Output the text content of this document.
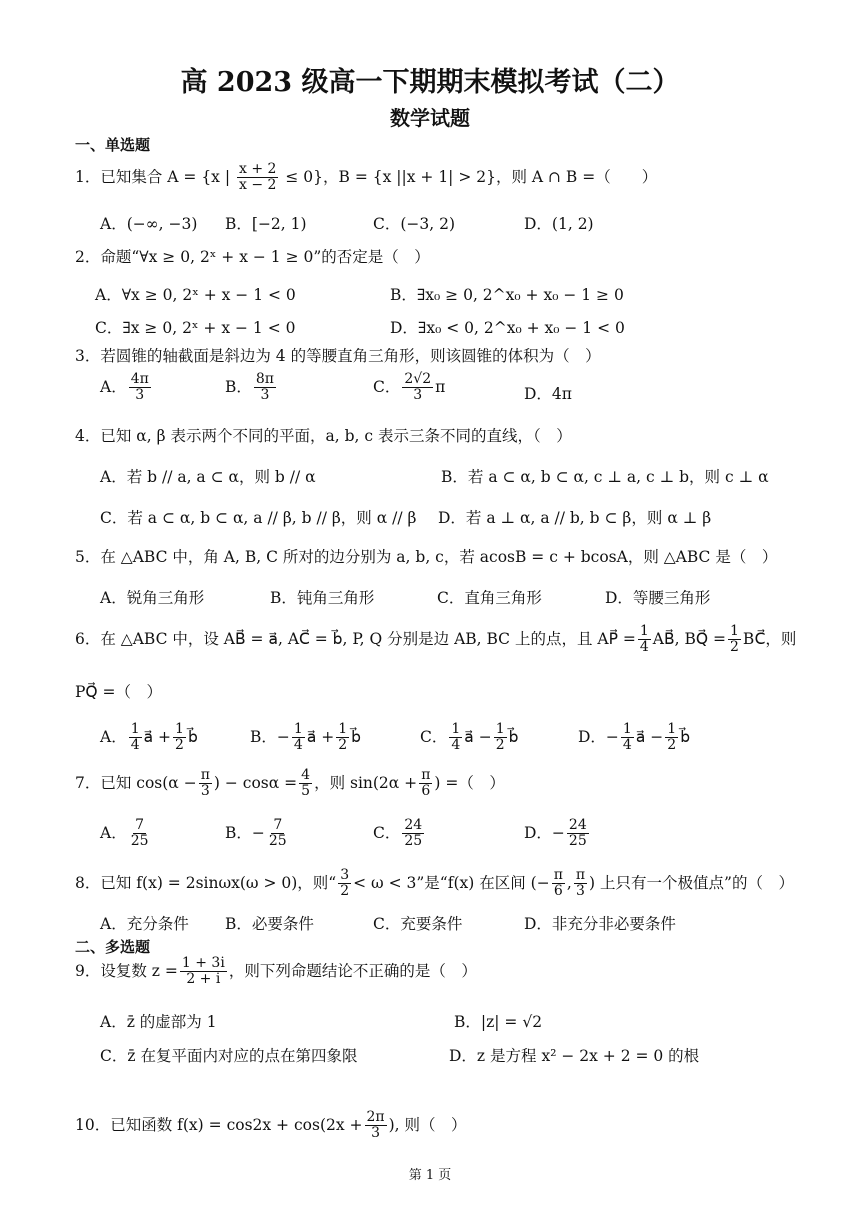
高 2023 级高一下期期末模拟考试（二）
数学试题
一、单选题
1．已知集合 A = {x | $\frac{x + 2}{x - 2} \le 0$}，B = {x ||x + 1| > 2}，则 A ∩ B =（　　）
A．(−∞, −3) B．[−2, 1)	C．(−3, 2)	D．(1, 2)
2．命题“∀x ≥ 0, 2ˣ + x − 1 ≥ 0”的否定是（　）
A．∀x ≥ 0, 2ˣ + x − 1 < 0	B．∃x₀ ≥ 0, 2^x₀ + x₀ − 1 ≥ 0
C．∃x ≥ 0, 2ˣ + x − 1 < 0	D．∃x₀ < 0, 2^x₀ + x₀ − 1 < 0
3．若圆锥的轴截面是斜边为 4 的等腰直角三角形，则该圆锥的体积为（　）
A． $\frac{4\pi}{3}$	B． $\frac{8\pi}{3}$	C． $\frac{2√2}{3}$ π	D．4π
4．已知 α, β 表示两个不同的平面，a, b, c 表示三条不同的直线，（　）
A．若 b // a, a ⊂ α，则 b // α	B．若 a ⊂ α, b ⊂ α, c ⊥ a, c ⊥ b，则 c ⊥ α
C．若 a ⊂ α, b ⊂ α, a // β, b // β，则 α // β D．若 a ⊥ α, a // b, b ⊂ β，则 α ⊥ β
5．在 △ABC 中，角 A, B, C 所对的边分别为 a, b, c，若 acosB = c + bcosA，则 △ABC 是（　）
A．锐角三角形	B．钝角三角形	C．直角三角形	D．等腰三角形
6．在 △ABC 中，设 AB⃗ = a⃗, AC⃗ = b⃗, P, Q 分别是边 AB, BC 上的点，且 AP⃗ = $\frac{1}{4}$ AB⃗, BQ⃗ = $\frac{1}{2}$ BC⃗，则
PQ⃗ =（　）
A． $\frac{1}{4}$ a⃗ + $\frac{1}{2}$ b⃗	B．− $\frac{1}{4}$ a⃗ + $\frac{1}{2}$ b⃗	C． $\frac{1}{4}$ a⃗ − $\frac{1}{2}$ b⃗	D．− $\frac{1}{4}$ a⃗ − $\frac{1}{2}$ b⃗
7．已知 $\cos(\alpha - \frac{\pi}{3}$ ) − $\cos\alpha = \frac{4}{5}$ ，则 $\sin(2\alpha + \frac{\pi}{6}$ ) =（　）
A． $\frac{7}{25}$	B．− $\frac{7}{25}$	C． $\frac{24}{25}$	D．− $\frac{24}{25}$
8．已知 f(x) = 2sinωx(ω > 0)，则“ $\frac{3}{2} < \omega < 3$”是“f(x) 在区间 (− $\frac{\pi}{6}$ , $\frac{\pi}{3}$ ) 上只有一个极值点”的（　）
A．充分条件 B．必要条件	C．充要条件	D．非充分非必要条件
二、多选题
9．设复数 $z = \frac{1 + 3i}{2 + i}$ ，则下列命题结论不正确的是（　）
A．z̄ 的虚部为 1	B．|z| = √2
C．z̄ 在复平面内对应的点在第四象限	D．z 是方程 x² − 2x + 2 = 0 的根
10．已知函数 $f(x) = \cos 2x + \cos(2x + \frac{2\pi}{3}$ ), 则（　）
第 1 页
